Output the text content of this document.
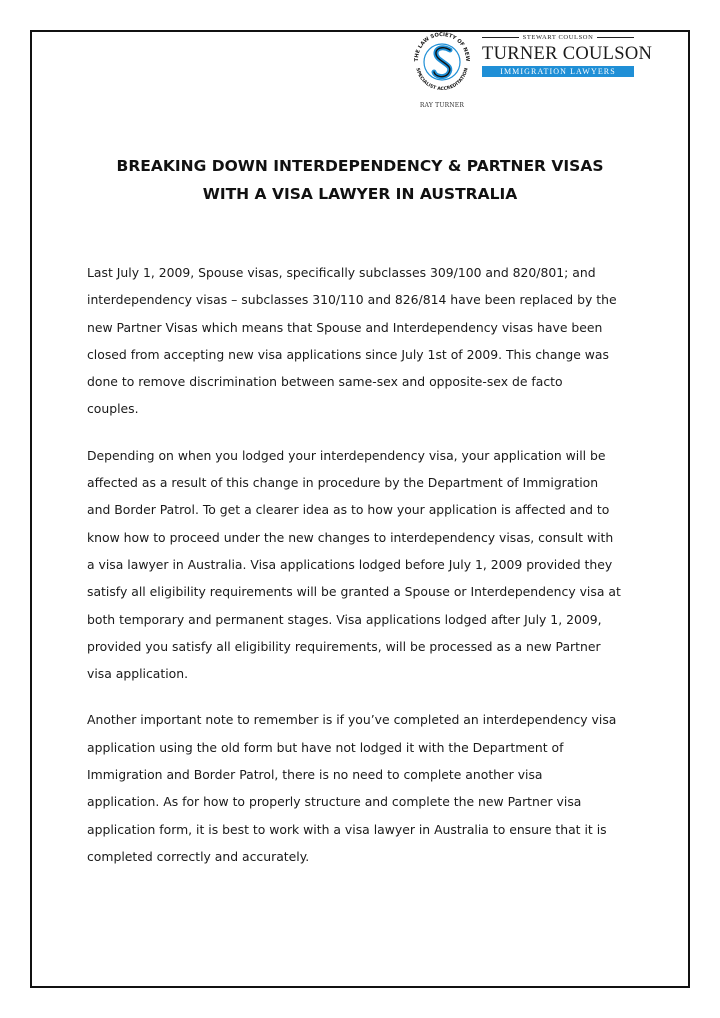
THE LAW SOCIETY OF NEW
SPECIALIST ACCREDITATION
RAY TURNER
STEWART COULSON
TURNER COULSON
IMMIGRATION LAWYERS
BREAKING DOWN INTERDEPENDENCY & PARTNER VISAS
WITH A VISA LAWYER IN AUSTRALIA

Last July 1, 2009, Spouse visas, specifically subclasses 309/100 and 820/801; and
interdependency visas – subclasses 310/110 and 826/814 have been replaced by the
new Partner Visas which means that Spouse and Interdependency visas have been
closed from accepting new visa applications since July 1st of 2009. This change was
done to remove discrimination between same-sex and opposite-sex de facto
couples.

Depending on when you lodged your interdependency visa, your application will be
affected as a result of this change in procedure by the Department of Immigration
and Border Patrol. To get a clearer idea as to how your application is affected and to
know how to proceed under the new changes to interdependency visas, consult with
a visa lawyer in Australia. Visa applications lodged before July 1, 2009 provided they
satisfy all eligibility requirements will be granted a Spouse or Interdependency visa at
both temporary and permanent stages. Visa applications lodged after July 1, 2009,
provided you satisfy all eligibility requirements, will be processed as a new Partner
visa application.

Another important note to remember is if you’ve completed an interdependency visa
application using the old form but have not lodged it with the Department of
Immigration and Border Patrol, there is no need to complete another visa
application. As for how to properly structure and complete the new Partner visa
application form, it is best to work with a visa lawyer in Australia to ensure that it is
completed correctly and accurately.
